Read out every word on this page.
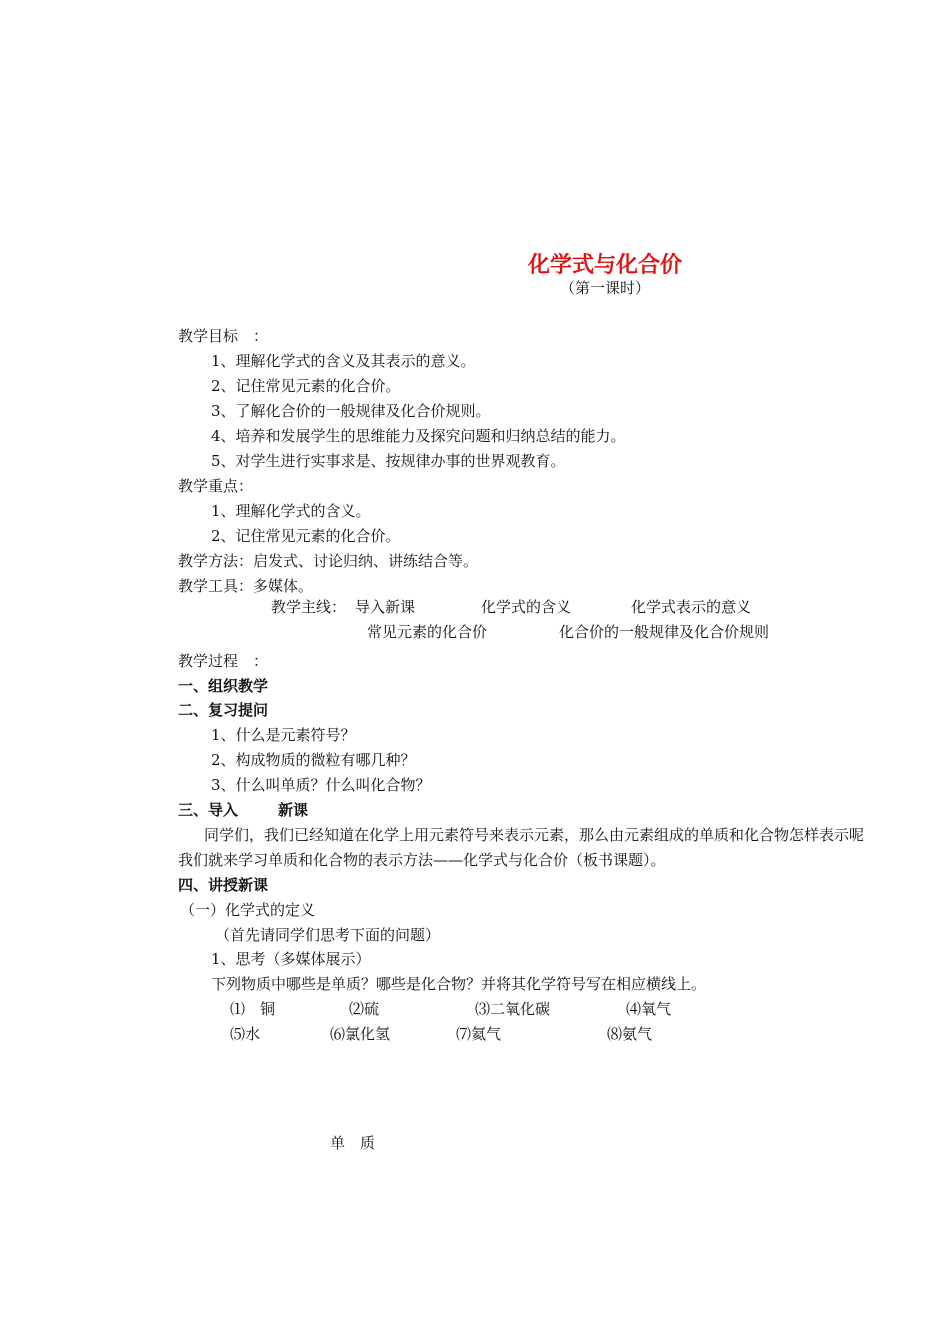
化学式与化合价
（第一课时）
教学目标　：
1、理解化学式的含义及其表示的意义。
2、记住常见元素的化合价。
3、了解化合价的一般规律及化合价规则。
4、培养和发展学生的思维能力及探究问题和归纳总结的能力。
5、对学生进行实事求是、按规律办事的世界观教育。
教学重点：
1、理解化学式的含义。
2、记住常见元素的化合价。
教学方法：启发式、讨论归纳、讲练结合等。
教学工具：多媒体。
教学主线： 导入新课	化学式的含义	化学式表示的意义
常见元素的化合价	化合价的一般规律及化合价规则
教学过程　：
一、组织教学
二、复习提问
1、什么是元素符号？
2、构成物质的微粒有哪几种？
3、什么叫单质？什么叫化合物？
三、导入	新课
同学们，我们已经知道在化学上用元素符号来表示元素，那么由元素组成的单质和化合物怎样表示呢
我们就来学习单质和化合物的表示方法——化学式与化合价（板书课题）。
四、讲授新课
（一）化学式的定义
（首先请同学们思考下面的问题）
1、思考（多媒体展示）
下列物质中哪些是单质？哪些是化合物？并将其化学符号写在相应横线上。
⑴　铜	⑵硫	⑶二氧化碳	⑷氧气
⑸水	⑹氯化氢	⑺氦气	⑻氨气
单　质
